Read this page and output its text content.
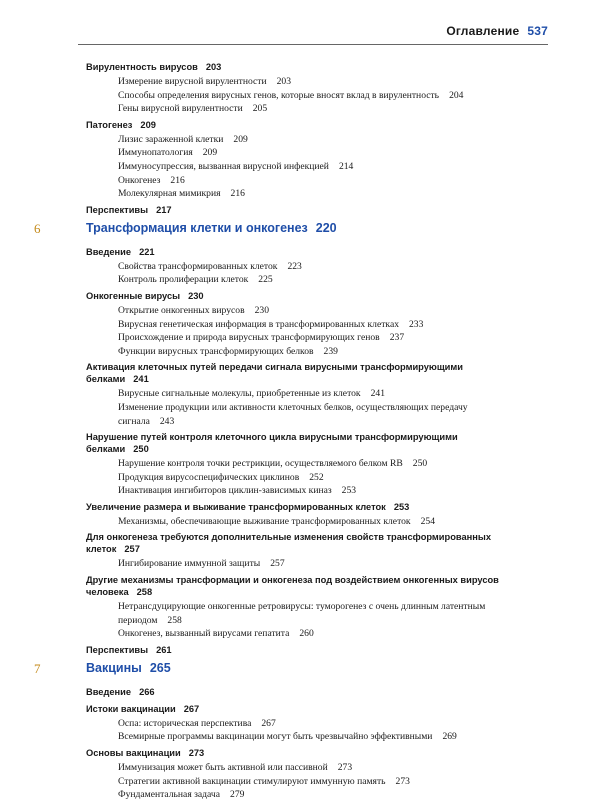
Оглавление 537
Вирулентность вирусов 203
Измерение вирусной вирулентности 203
Способы определения вирусных генов, которые вносят вклад в вирулентность 204
Гены вирусной вирулентности 205
Патогенез 209
Лизис зараженной клетки 209
Иммунопатология 209
Иммуносупрессия, вызванная вирусной инфекцией 214
Онкогенез 216
Молекулярная мимикрия 216
Перспективы 217
6	Трансформация клетки и онкогенез 220
Введение 221
Свойства трансформированных клеток 223
Контроль пролиферации клеток 225
Онкогенные вирусы 230
Открытие онкогенных вирусов 230
Вирусная генетическая информация в трансформированных клетках 233
Происхождение и природа вирусных трансформирующих генов 237
Функции вирусных трансформирующих белков 239
Активация клеточных путей передачи сигнала вирусными трансформирующими белками 241
Вирусные сигнальные молекулы, приобретенные из клеток 241
Изменение продукции или активности клеточных белков, осуществляющих передачу сигнала 243
Нарушение путей контроля клеточного цикла вирусными трансформирующими белками 250
Нарушение контроля точки рестрикции, осуществляемого белком RB 250
Продукция вирусоспецифических циклинов 252
Инактивация ингибиторов циклин-зависимых киназ 253
Увеличение размера и выживание трансформированных клеток 253
Механизмы, обеспечивающие выживание трансформированных клеток 254
Для онкогенеза требуются дополнительные изменения свойств трансформированных клеток 257
Ингибирование иммунной защиты 257
Другие механизмы трансформации и онкогенеза под воздействием онкогенных вирусов человека 258
Нетрансдуцирующие онкогенные ретровирусы: туморогенез с очень длинным латентным периодом 258
Онкогенез, вызванный вирусами гепатита 260
Перспективы 261
7	Вакцины 265
Введение 266
Истоки вакцинации 267
Оспа: историческая перспектива 267
Всемирные программы вакцинации могут быть чрезвычайно эффективными 269
Основы вакцинации 273
Иммунизация может быть активной или пассивной 273
Стратегии активной вакцинации стимулируют иммунную память 273
Фундаментальная задача 279
